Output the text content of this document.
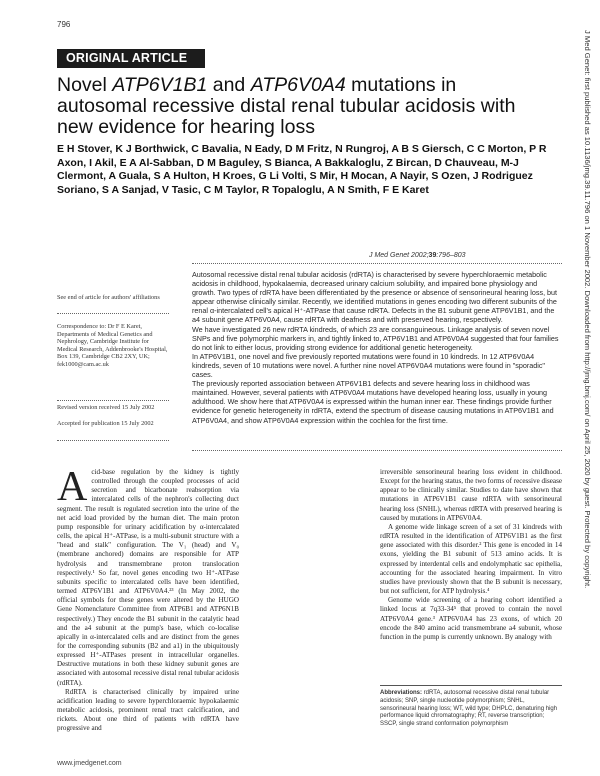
796
ORIGINAL ARTICLE
Novel ATP6V1B1 and ATP6V0A4 mutations in autosomal recessive distal renal tubular acidosis with new evidence for hearing loss
E H Stover, K J Borthwick, C Bavalia, N Eady, D M Fritz, N Rungroj, A B S Giersch, C C Morton, P R Axon, I Akil, E A Al-Sabban, D M Baguley, S Bianca, A Bakkaloglu, Z Bircan, D Chauveau, M-J Clermont, A Guala, S A Hulton, H Kroes, G Li Volti, S Mir, H Mocan, A Nayir, S Ozen, J Rodriguez Soriano, S A Sanjad, V Tasic, C M Taylor, R Topaloglu, A N Smith, F E Karet
J Med Genet 2002;39:796–803
See end of article for authors' affiliations
Correspondence to: Dr F E Karet, Departments of Medical Genetics and Nephrology, Cambridge Institute for Medical Research, Addenbrooke's Hospital, Box 139, Cambridge CB2 2XY, UK; fek1000@cam.ac.uk
Revised version received 15 July 2002
Accepted for publication 15 July 2002

Autosomal recessive distal renal tubular acidosis (rdRTA) is characterised by severe hyperchloraemic metabolic acidosis in childhood, hypokalaemia, decreased urinary calcium solubility, and impaired bone physiology and growth. Two types of rdRTA have been differentiated by the presence or absence of sensorineural hearing loss, but appear otherwise clinically similar. Recently, we identified mutations in genes encoding two different subunits of the renal α-intercalated cell's apical H⁺-ATPase that cause rdRTA. Defects in the B1 subunit gene ATP6V1B1, and the a4 subunit gene ATP6V0A4, cause rdRTA with deafness and with preserved hearing, respectively.

We have investigated 26 new rdRTA kindreds, of which 23 are consanguineous. Linkage analysis of seven novel SNPs and five polymorphic markers in, and tightly linked to, ATP6V1B1 and ATP6V0A4 suggested that four families do not link to either locus, providing strong evidence for additional genetic heterogeneity.

In ATP6V1B1, one novel and five previously reported mutations were found in 10 kindreds. In 12 ATP6V0A4 kindreds, seven of 10 mutations were novel. A further nine novel ATP6V0A4 mutations were found in "sporadic" cases.

The previously reported association between ATP6V1B1 defects and severe hearing loss in childhood was maintained. However, several patients with ATP6V0A4 mutations have developed hearing loss, usually in young adulthood. We show here that ATP6V0A4 is expressed within the human inner ear. These findings provide further evidence for genetic heterogeneity in rdRTA, extend the spectrum of disease causing mutations in ATP6V1B1 and ATP6V0A4, and show ATP6V0A4 expression within the cochlea for the first time.

Acid-base regulation by the kidney is tightly controlled through the coupled processes of acid secretion and bicarbonate reabsorption via intercalated cells of the nephron's collecting duct segment. The result is regulated secretion into the urine of the net acid load provided by the human diet. The main proton pump responsible for urinary acidification by α-intercalated cells, the apical H⁺-ATPase, is a multi-subunit structure with a "head and stalk" configuration. The V₁ (head) and V₀ (membrane anchored) domains are responsible for ATP hydrolysis and transmembrane proton translocation respectively.¹ So far, novel genes encoding two H⁺-ATPase subunits specific to intercalated cells have been identified, termed ATP6V1B1 and ATP6V0A4.²³ (In May 2002, the official symbols for these genes were altered by the HUGO Gene Nomenclature Committee from ATP6B1 and ATP6N1B respectively.) They encode the B1 subunit in the catalytic head and the a4 subunit at the pump's base, which co-localise apically in α-intercalated cells and are distinct from the genes for the corresponding subunits (B2 and a1) in the ubiquitously expressed H⁺-ATPases present in intracellular organelles. Destructive mutations in both these kidney subunit genes are associated with autosomal recessive distal renal tubular acidosis (rdRTA).

RdRTA is characterised clinically by impaired urine acidification leading to severe hyperchloraemic hypokalaemic metabolic acidosis, prominent renal tract calcification, and rickets. About one third of patients with rdRTA have progressive and

irreversible sensorineural hearing loss evident in childhood. Except for the hearing status, the two forms of recessive disease appear to be clinically similar. Studies to date have shown that mutations in ATP6V1B1 cause rdRTA with sensorineural hearing loss (SNHL), whereas rdRTA with preserved hearing is caused by mutations in ATP6V0A4.

A genome wide linkage screen of a set of 31 kindreds with rdRTA resulted in the identification of ATP6V1B1 as the first gene associated with this disorder.² This gene is encoded in 14 exons, yielding the B1 subunit of 513 amino acids. It is expressed by interdental cells and endolymphatic sac epithelia, accounting for the associated hearing impairment. In vitro studies have previously shown that the B subunit is necessary, but not sufficient, for ATP hydrolysis.⁴

Genome wide screening of a hearing cohort identified a linked locus at 7q33-34⁵ that proved to contain the novel ATP6V0A4 gene.³ ATP6V0A4 has 23 exons, of which 20 encode the 840 amino acid transmembrane a4 subunit, whose function in the pump is currently unknown. By analogy with

Abbreviations: rdRTA, autosomal recessive distal renal tubular acidosis; SNP, single nucleotide polymorphism; SNHL, sensorineural hearing loss; WT, wild type; DHPLC, denaturing high performance liquid chromatography; RT, reverse transcription; SSCP, single strand conformation polymorphism
www.jmedgenet.com
J Med Genet: first published as 10.1136/jmg.39.11.796 on 1 November 2002. Downloaded from http://jmg.bmj.com/ on April 25, 2020 by guest. Protected by copyright.
